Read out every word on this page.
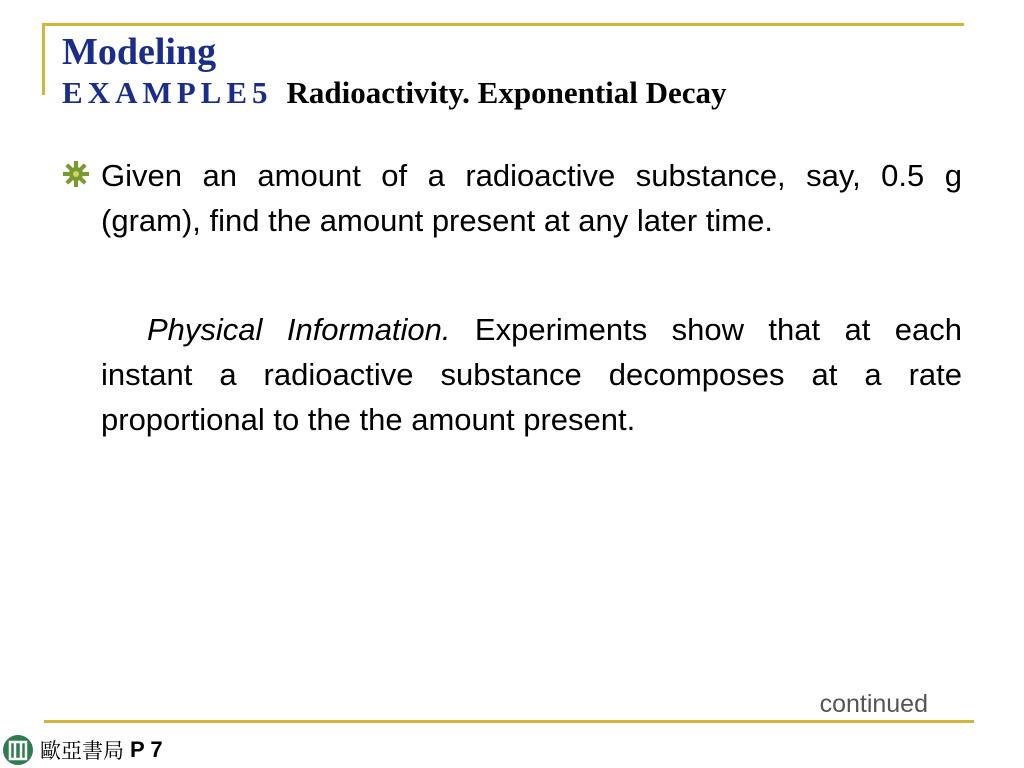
Modeling
EXAMPLE5 Radioactivity. Exponential Decay

Given an amount of a radioactive substance, say, 0.5 g (gram), find the amount present at any later time.

Physical Information. Experiments show that at each instant a radioactive substance decomposes at a rate proportional to the the amount present.

continued
歐亞書局 P 7
